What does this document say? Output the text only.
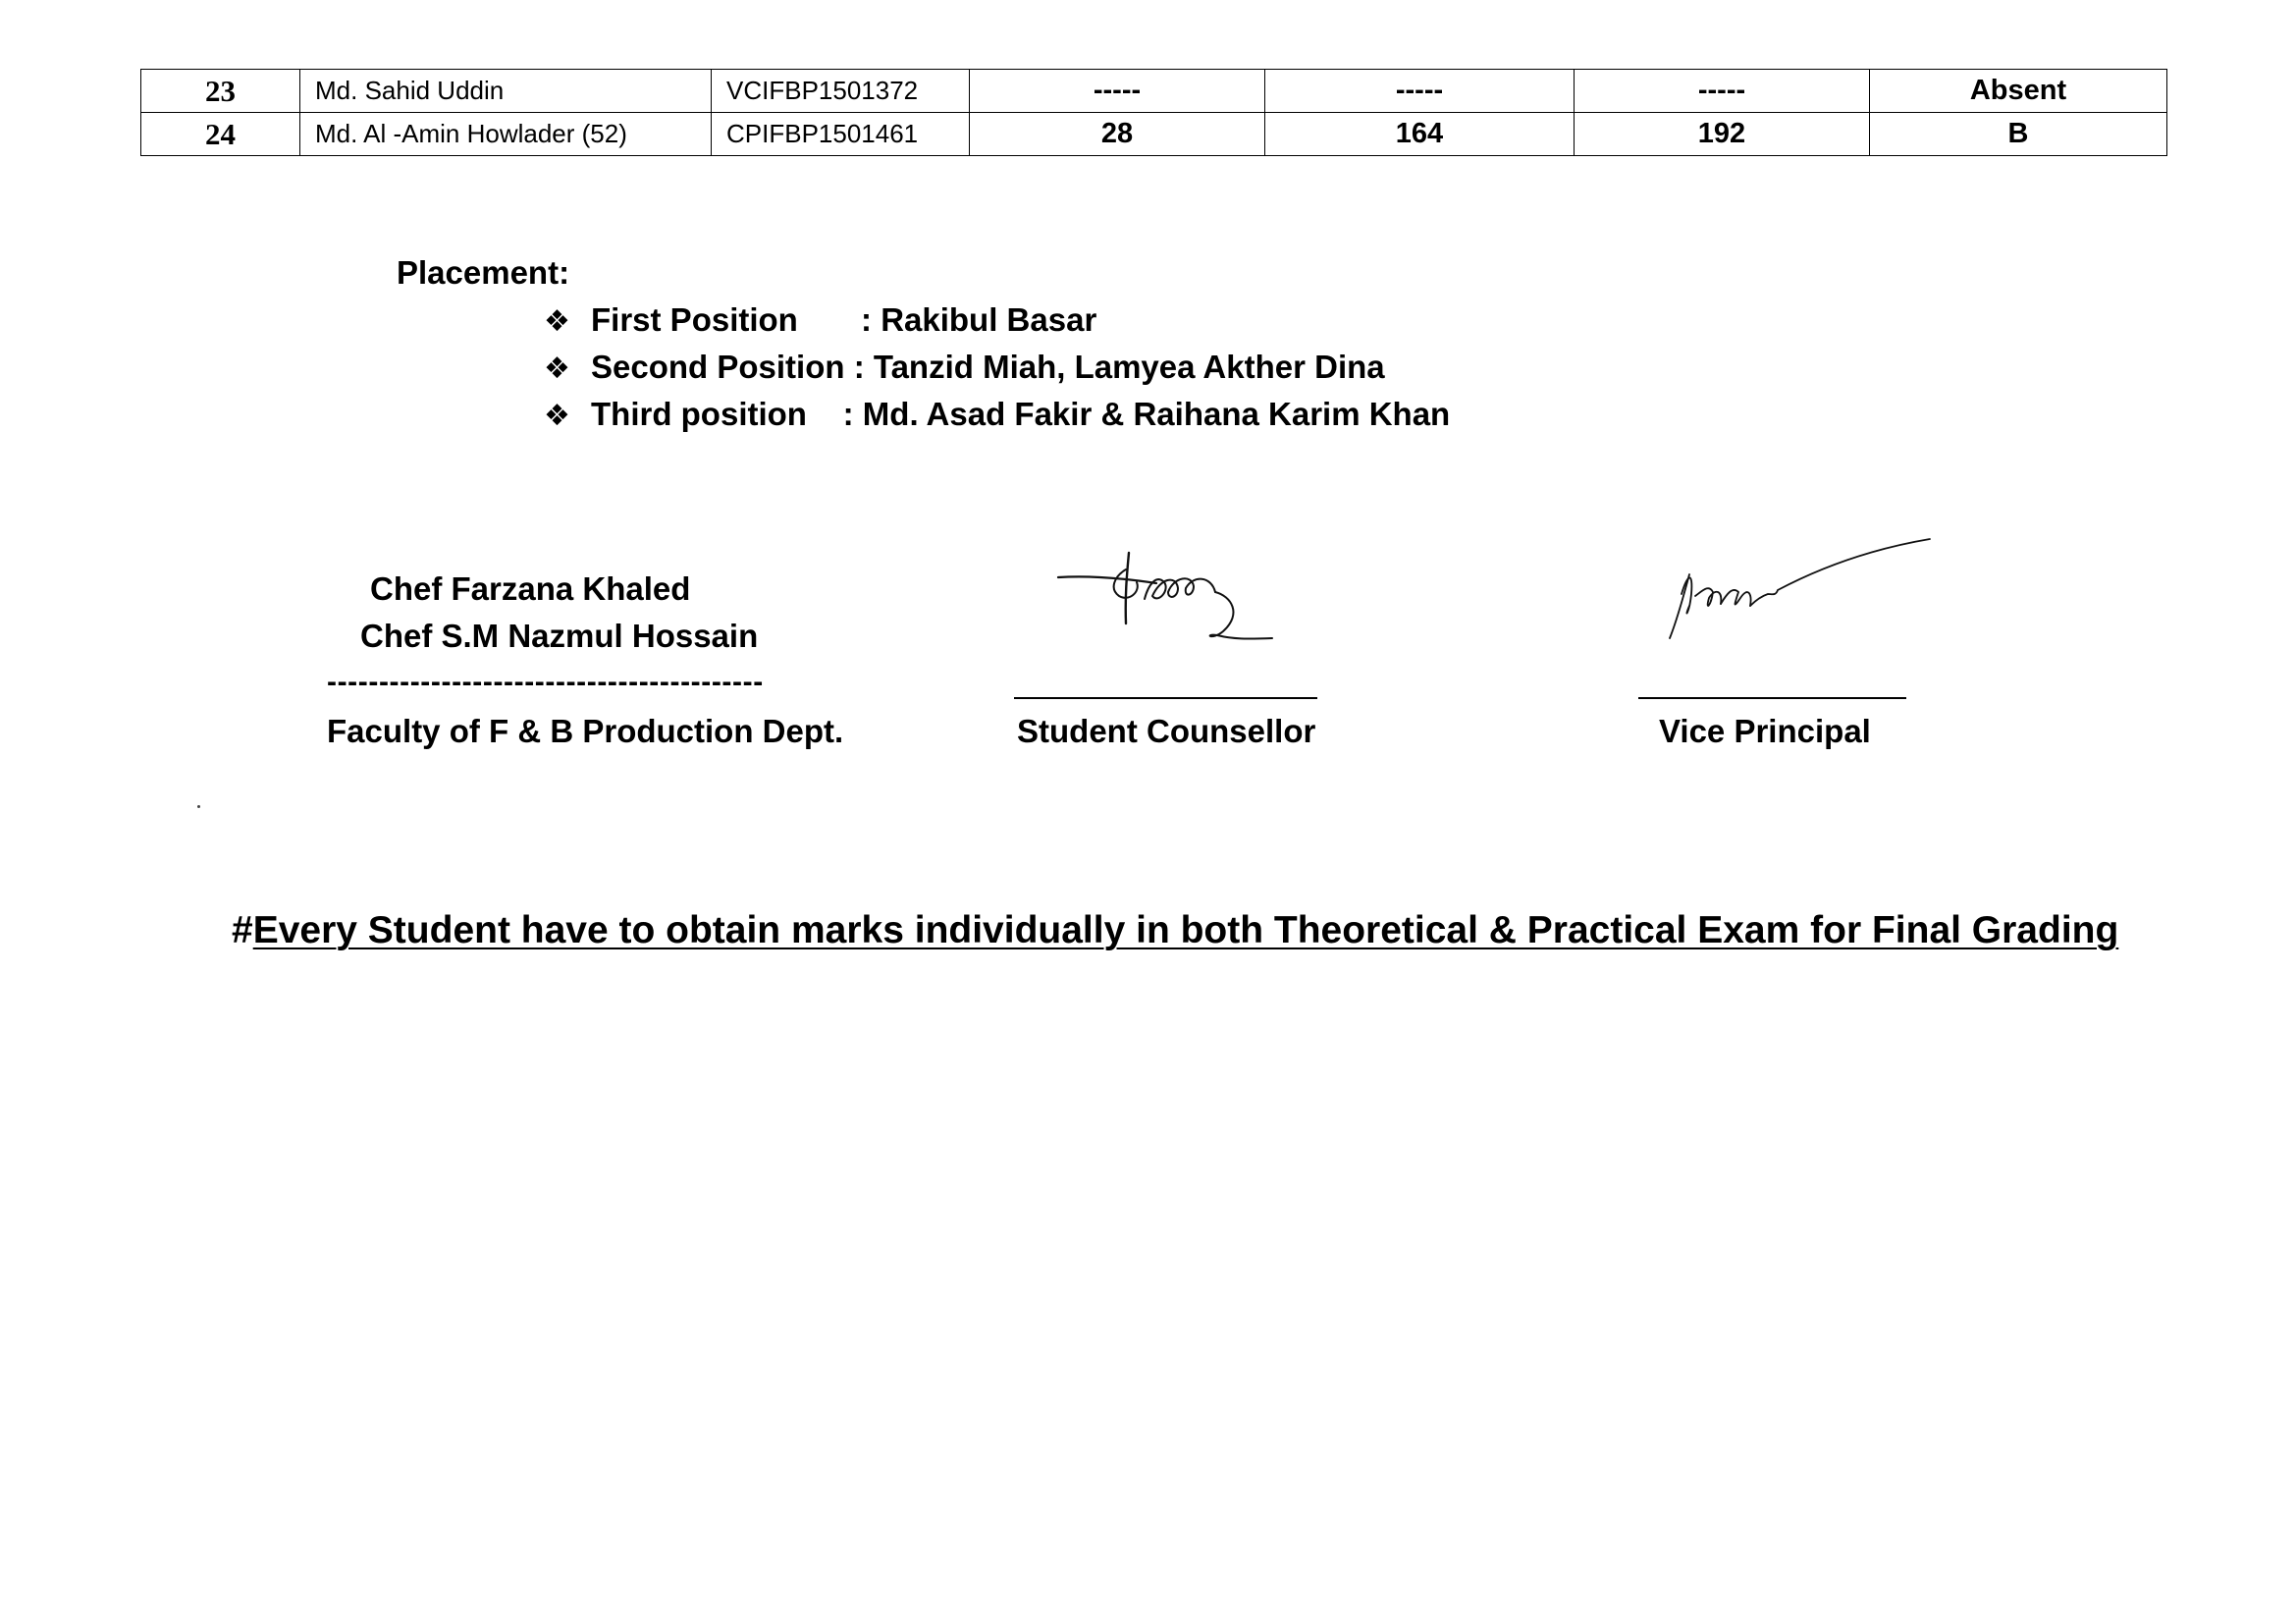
23	Md. Sahid Uddin	VCIFBP1501372	-----	-----	-----	Absent
24	Md. Al -Amin Howlader (52)	CPIFBP1501461	28	164	192	B
Placement:
❖ First Position       : Rakibul Basar
❖ Second Position : Tanzid Miah, Lamyea Akther Dina
❖ Third position    : Md. Asad Fakir & Raihana Karim Khan
Chef Farzana Khaled
Chef S.M Nazmul Hossain
------------------------------------------
Faculty of F & B Production Dept.	Student Counsellor	Vice Principal
#Every Student have to obtain marks individually in both Theoretical & Practical Exam for Final Grading
